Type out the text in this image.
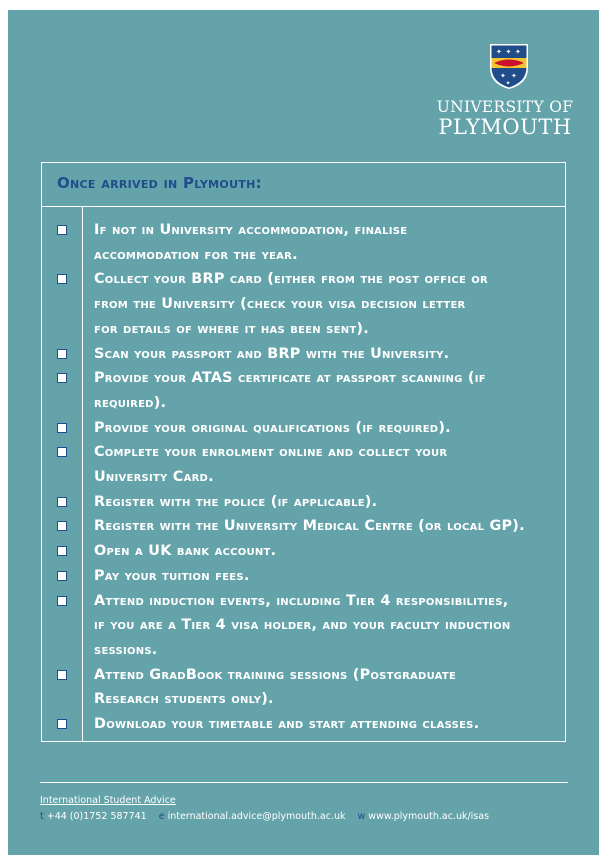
✦ ✦ ✦
✦ ✦
✦
UNIVERSITY OF
PLYMOUTH
Once arrived in Plymouth:
If not in University accommodation, finalise
accommodation for the year.
Collect your BRP card (either from the post office or
from the University (check your visa decision letter
for details of where it has been sent).
Scan your passport and BRP with the University.
Provide your ATAS certificate at passport scanning (if
required).
Provide your original qualifications (if required).
Complete your enrolment online and collect your
University Card.
Register with the police (if applicable).
Register with the University Medical Centre (or local GP).
Open a UK bank account.
Pay your tuition fees.
Attend induction events, including Tier 4 responsibilities,
if you are a Tier 4 visa holder, and your faculty induction
sessions.
Attend GradBook training sessions (Postgraduate
Research students only).
Download your timetable and start attending classes.
International Student Advice
t +44 (0)1752 587741 e international.advice@plymouth.ac.uk w www.plymouth.ac.uk/isas
